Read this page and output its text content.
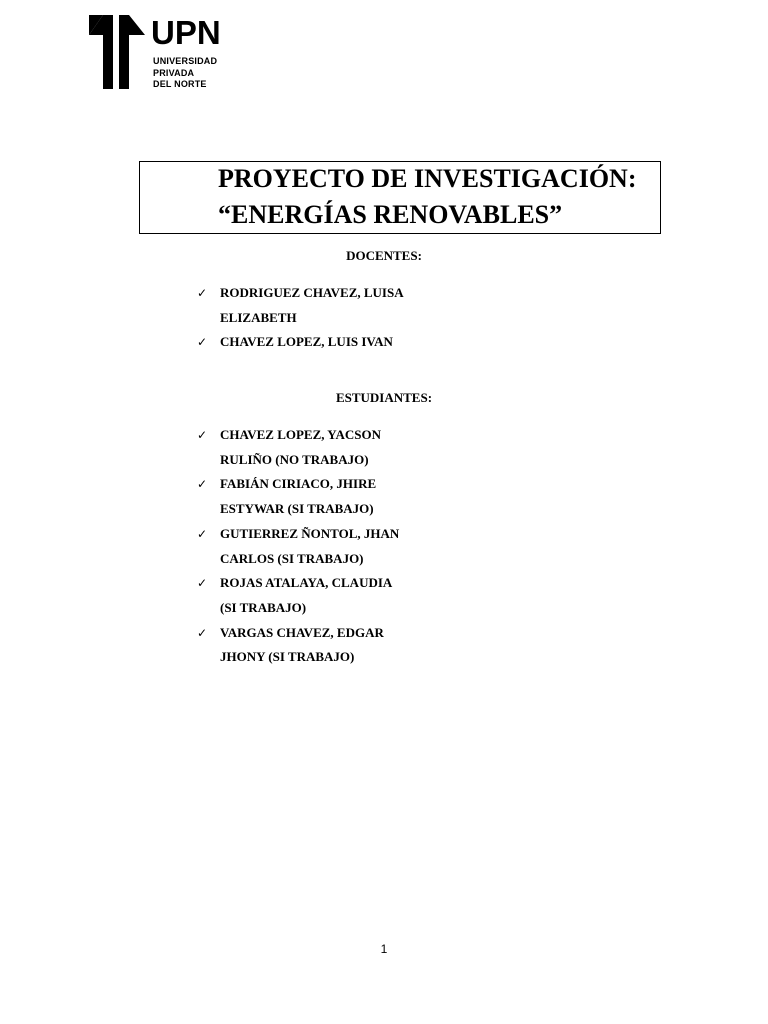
UPN
UNIVERSIDAD
PRIVADA
DEL NORTE
PROYECTO DE INVESTIGACIÓN:
“ENERGÍAS RENOVABLES”
DOCENTES:
✓ RODRIGUEZ CHAVEZ, LUISA
ELIZABETH
✓ CHAVEZ LOPEZ, LUIS IVAN
ESTUDIANTES:
✓ CHAVEZ LOPEZ, YACSON
RULIÑO (NO TRABAJO)
✓ FABIÁN CIRIACO, JHIRE
ESTYWAR (SI TRABAJO)
✓ GUTIERREZ ÑONTOL, JHAN
CARLOS (SI TRABAJO)
✓ ROJAS ATALAYA, CLAUDIA
(SI TRABAJO)
✓ VARGAS CHAVEZ, EDGAR
JHONY (SI TRABAJO)
1
